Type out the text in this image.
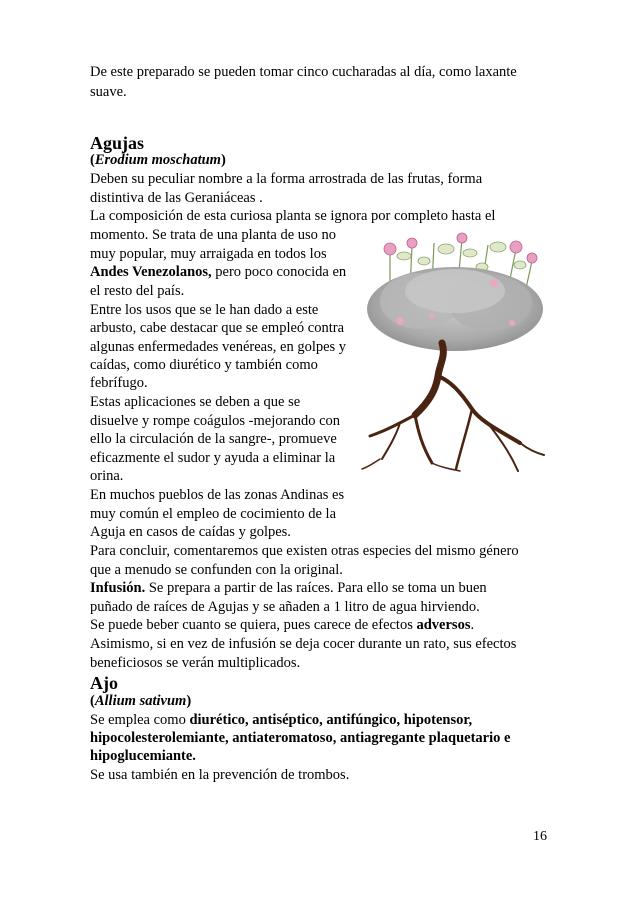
De este preparado se pueden tomar cinco cucharadas al día, como laxante
suave.
Agujas
(Erodium moschatum)
Deben su peculiar nombre a la forma arrostrada de las frutas, forma
distintiva de las Geraniáceas .
La composición de esta curiosa planta se ignora por completo hasta el
momento. Se trata de una planta de uso no
muy popular, muy arraigada en todos los
Andes Venezolanos, pero poco conocida en
el resto del país.
Entre los usos que se le han dado a este
arbusto, cabe destacar que se empleó contra
algunas enfermedades venéreas, en golpes y
caídas, como diurético y también como
febrífugo.
Estas aplicaciones se deben a que se
disuelve y rompe coágulos -mejorando con
ello la circulación de la sangre-, promueve
eficazmente el sudor y ayuda a eliminar la
orina.
En muchos pueblos de las zonas Andinas es
muy común el empleo de cocimiento de la
Aguja en casos de caídas y golpes.
Para concluir, comentaremos que existen otras especies del mismo género
que a menudo se confunden con la original.
Infusión. Se prepara a partir de las raíces. Para ello se toma un buen
puñado de raíces de Agujas y se añaden a 1 litro de agua hirviendo.
Se puede beber cuanto se quiera, pues carece de efectos adversos.
Asimismo, si en vez de infusión se deja cocer durante un rato, sus efectos
beneficiosos se verán multiplicados.
Ajo
(Allium sativum)
Se emplea como diurético, antiséptico, antifúngico, hipotensor,
hipocolesterolemiante, antiateromatoso, antiagregante plaquetario e
hipoglucemiante.
Se usa también en la prevención de trombos.
16
